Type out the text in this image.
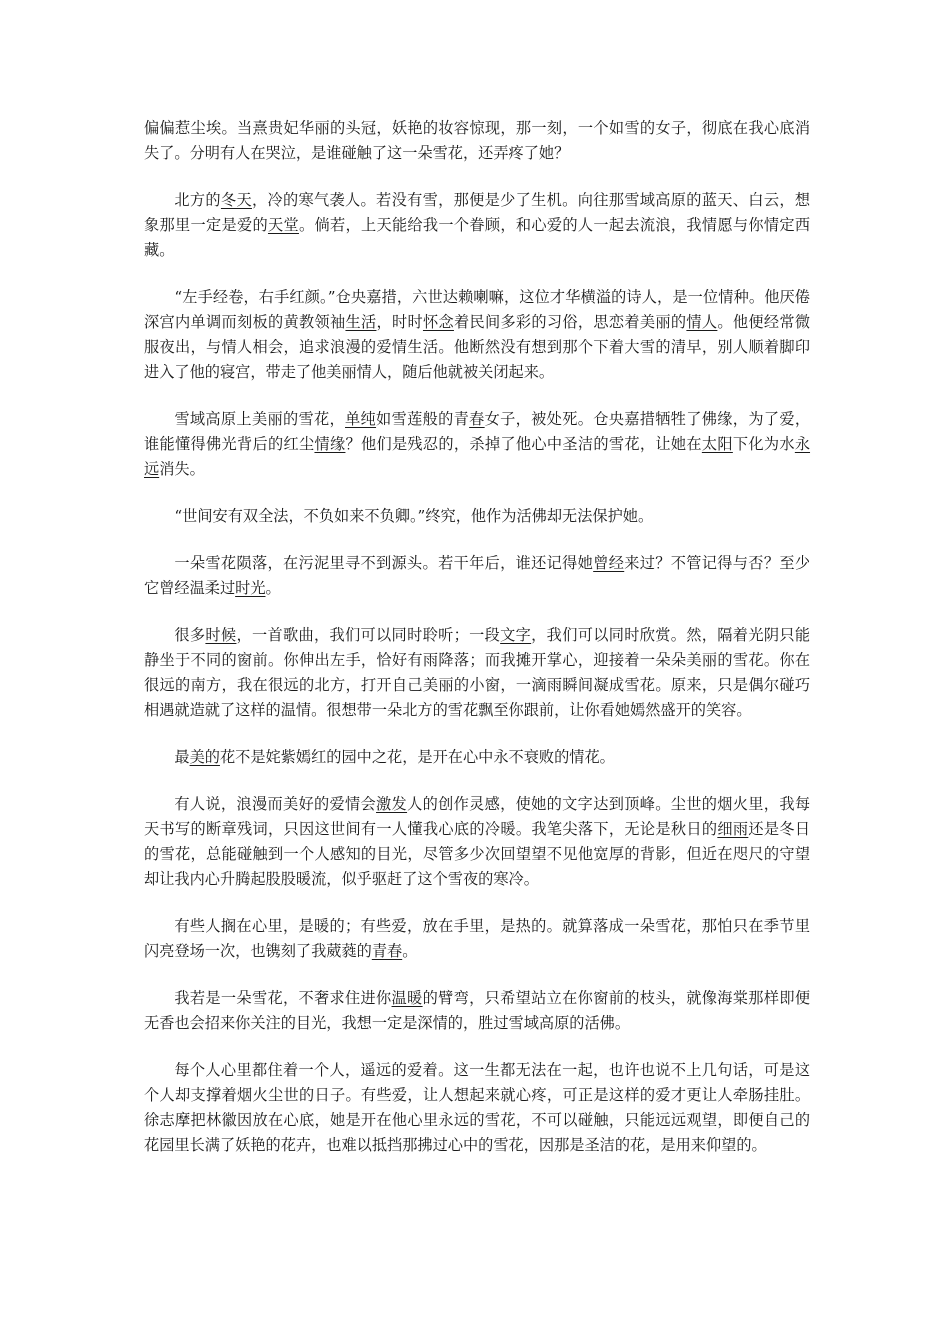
偏偏惹尘埃。当熹贵妃华丽的头冠，妖艳的妆容惊现，那一刻，一个如雪的女子，彻底在我心底消失了。分明有人在哭泣，是谁碰触了这一朵雪花，还弄疼了她？

北方的冬天，冷的寒气袭人。若没有雪，那便是少了生机。向往那雪域高原的蓝天、白云，想象那里一定是爱的天堂。倘若，上天能给我一个眷顾，和心爱的人一起去流浪，我情愿与你情定西藏。

“左手经卷，右手红颜。”仓央嘉措，六世达赖喇嘛，这位才华横溢的诗人，是一位情种。他厌倦深宫内单调而刻板的黄教领袖生活，时时怀念着民间多彩的习俗，思恋着美丽的情人。他便经常微服夜出，与情人相会，追求浪漫的爱情生活。他断然没有想到那个下着大雪的清早，别人顺着脚印进入了他的寝宫，带走了他美丽情人，随后他就被关闭起来。

雪域高原上美丽的雪花，单纯如雪莲般的青春女子，被处死。仓央嘉措牺牲了佛缘，为了爱，谁能懂得佛光背后的红尘情缘？他们是残忍的，杀掉了他心中圣洁的雪花，让她在太阳下化为水永远消失。

“世间安有双全法，不负如来不负卿。”终究，他作为活佛却无法保护她。

一朵雪花陨落，在污泥里寻不到源头。若干年后，谁还记得她曾经来过？不管记得与否？至少它曾经温柔过时光。

很多时候，一首歌曲，我们可以同时聆听；一段文字，我们可以同时欣赏。然，隔着光阴只能静坐于不同的窗前。你伸出左手，恰好有雨降落；而我摊开掌心，迎接着一朵朵美丽的雪花。你在很远的南方，我在很远的北方，打开自己美丽的小窗，一滴雨瞬间凝成雪花。原来，只是偶尔碰巧相遇就造就了这样的温情。很想带一朵北方的雪花飘至你跟前，让你看她嫣然盛开的笑容。

最美的花不是姹紫嫣红的园中之花，是开在心中永不衰败的情花。

有人说，浪漫而美好的爱情会激发人的创作灵感，使她的文字达到顶峰。尘世的烟火里，我每天书写的断章残词，只因这世间有一人懂我心底的冷暖。我笔尖落下，无论是秋日的细雨还是冬日的雪花，总能碰触到一个人感知的目光，尽管多少次回望望不见他宽厚的背影，但近在咫尺的守望却让我内心升腾起股股暖流，似乎驱赶了这个雪夜的寒冷。

有些人搁在心里，是暖的；有些爱，放在手里，是热的。就算落成一朵雪花，那怕只在季节里闪亮登场一次，也镌刻了我葳蕤的青春。

我若是一朵雪花，不奢求住进你温暖的臂弯，只希望站立在你窗前的枝头，就像海棠那样即便无香也会招来你关注的目光，我想一定是深情的，胜过雪域高原的活佛。

每个人心里都住着一个人，遥远的爱着。这一生都无法在一起，也许也说不上几句话，可是这个人却支撑着烟火尘世的日子。有些爱，让人想起来就心疼，可正是这样的爱才更让人牵肠挂肚。徐志摩把林徽因放在心底，她是开在他心里永远的雪花，不可以碰触，只能远远观望，即便自己的花园里长满了妖艳的花卉，也难以抵挡那拂过心中的雪花，因那是圣洁的花，是用来仰望的。
